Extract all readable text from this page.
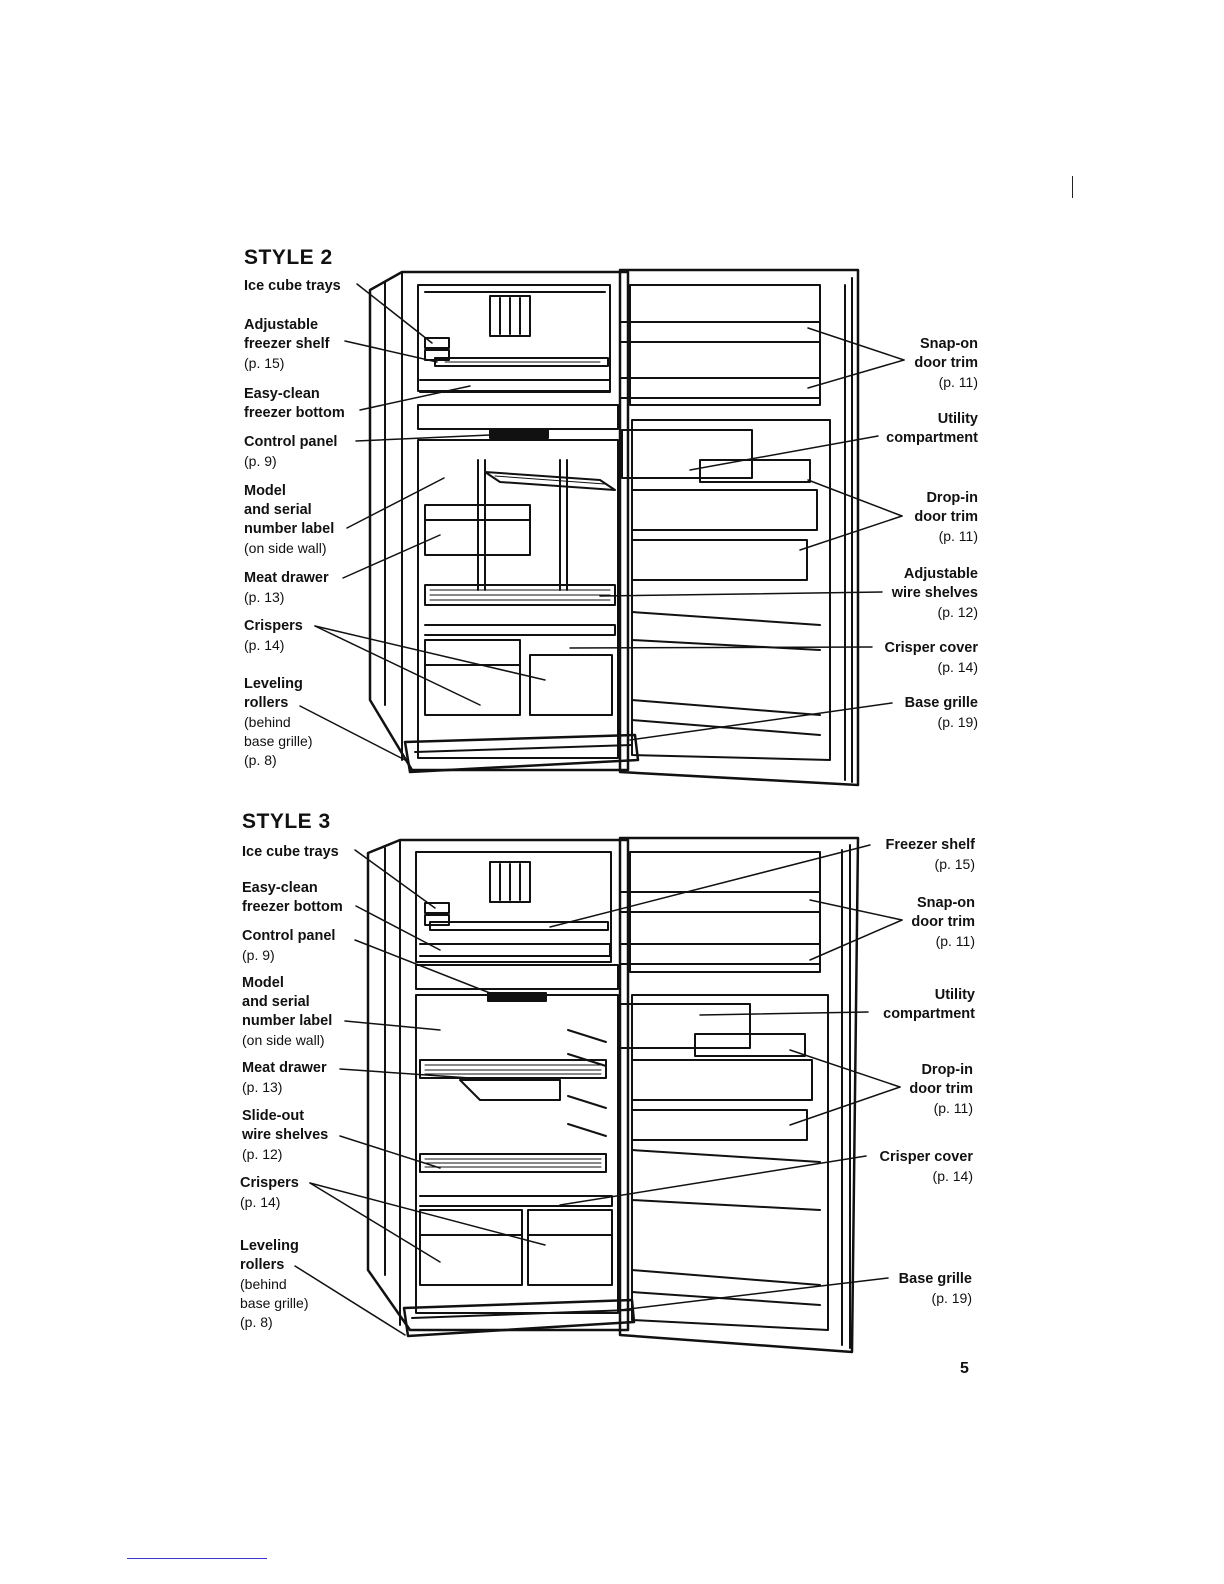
STYLE 2
Ice cube trays
Adjustable
freezer shelf
(p. 15)
Easy-clean
freezer bottom
Control panel
(p. 9)
Model
and serial
number label
(on side wall)
Meat drawer
(p. 13)
Crispers
(p. 14)
Leveling
rollers
(behind
base grille)
(p. 8)
Snap-on
door trim
(p. 11)
Utility
compartment
Drop-in
door trim
(p. 11)
Adjustable
wire shelves
(p. 12)
Crisper cover
(p. 14)
Base grille
(p. 19)
STYLE 3
Ice cube trays
Easy-clean
freezer bottom
Control panel
(p. 9)
Model
and serial
number label
(on side wall)
Meat drawer
(p. 13)
Slide-out
wire shelves
(p. 12)
Crispers
(p. 14)
Leveling
rollers
(behind
base grille)
(p. 8)
Freezer shelf
(p. 15)
Snap-on
door trim
(p. 11)
Utility
compartment
Drop-in
door trim
(p. 11)
Crisper cover
(p. 14)
Base grille
(p. 19)
5
